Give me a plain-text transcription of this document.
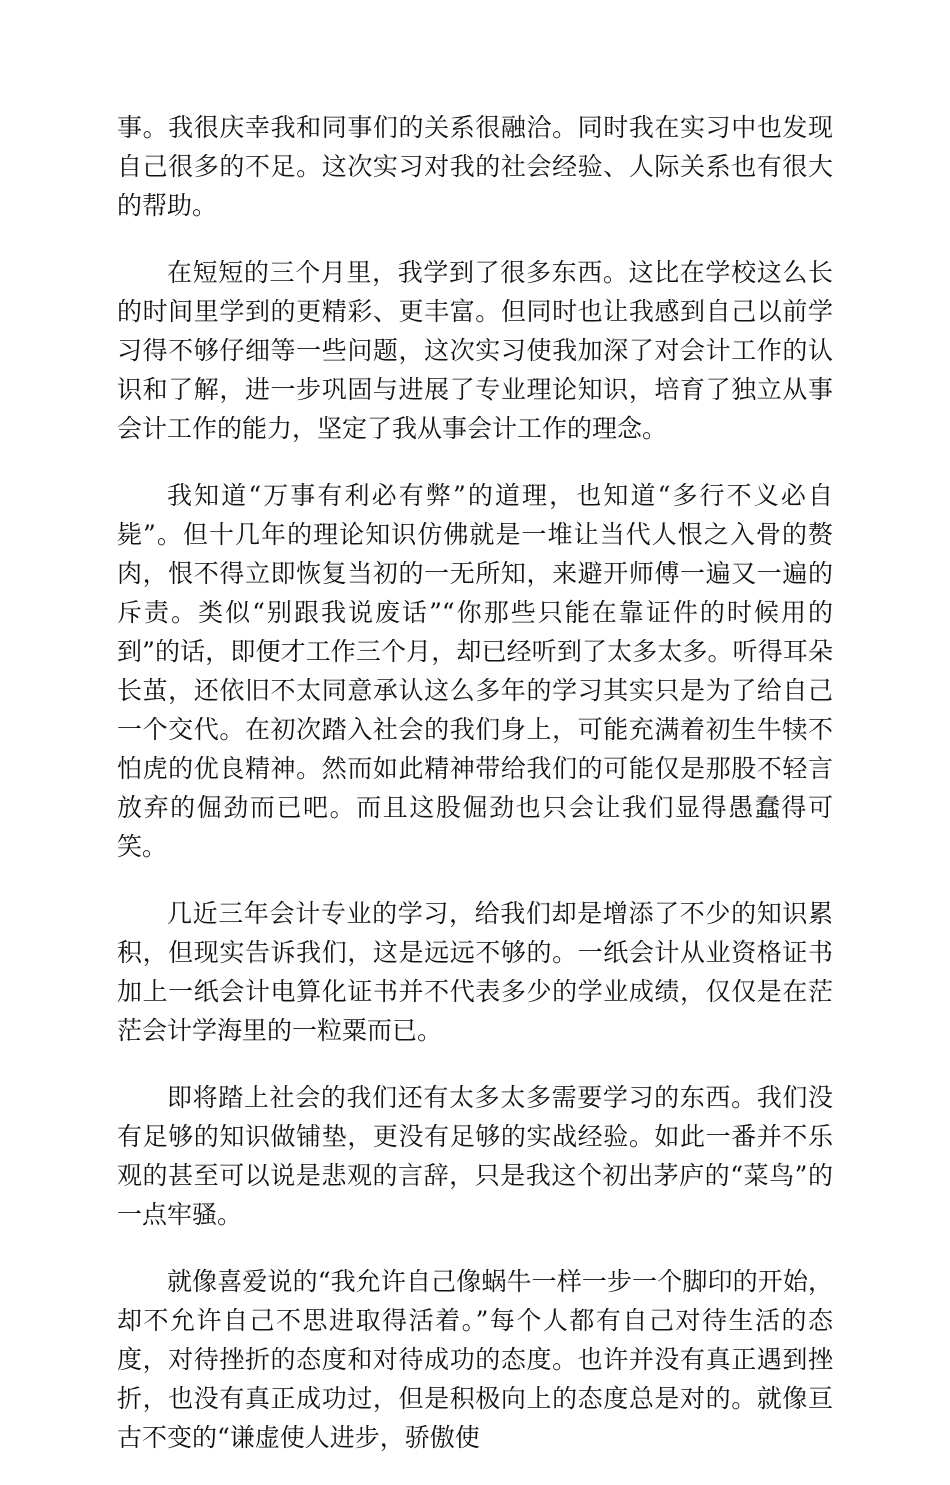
事。我很庆幸我和同事们的关系很融洽。同时我在实习中也发现自己很多的不足。这次实习对我的社会经验、人际关系也有很大的帮助。

在短短的三个月里，我学到了很多东西。这比在学校这么长的时间里学到的更精彩、更丰富。但同时也让我感到自己以前学习得不够仔细等一些问题，这次实习使我加深了对会计工作的认识和了解，进一步巩固与进展了专业理论知识，培育了独立从事会计工作的能力，坚定了我从事会计工作的理念。

我知道“万事有利必有弊”的道理，也知道“多行不义必自毙”。但十几年的理论知识仿佛就是一堆让当代人恨之入骨的赘肉，恨不得立即恢复当初的一无所知，来避开师傅一遍又一遍的斥责。类似“别跟我说废话”“你那些只能在靠证件的时候用的到”的话，即便才工作三个月，却已经听到了太多太多。听得耳朵长茧，还依旧不太同意承认这么多年的学习其实只是为了给自己一个交代。在初次踏入社会的我们身上，可能充满着初生牛犊不怕虎的优良精神。然而如此精神带给我们的可能仅是那股不轻言放弃的倔劲而已吧。而且这股倔劲也只会让我们显得愚蠢得可笑。

几近三年会计专业的学习，给我们却是增添了不少的知识累积，但现实告诉我们，这是远远不够的。一纸会计从业资格证书加上一纸会计电算化证书并不代表多少的学业成绩，仅仅是在茫茫会计学海里的一粒粟而已。

即将踏上社会的我们还有太多太多需要学习的东西。我们没有足够的知识做铺垫，更没有足够的实战经验。如此一番并不乐观的甚至可以说是悲观的言辞，只是我这个初出茅庐的“菜鸟”的一点牢骚。

就像喜爱说的“我允许自己像蜗牛一样一步一个脚印的开始，却不允许自己不思进取得活着。”每个人都有自己对待生活的态度，对待挫折的态度和对待成功的态度。也许并没有真正遇到挫折，也没有真正成功过，但是积极向上的态度总是对的。就像亘古不变的“谦虚使人进步，骄傲使
